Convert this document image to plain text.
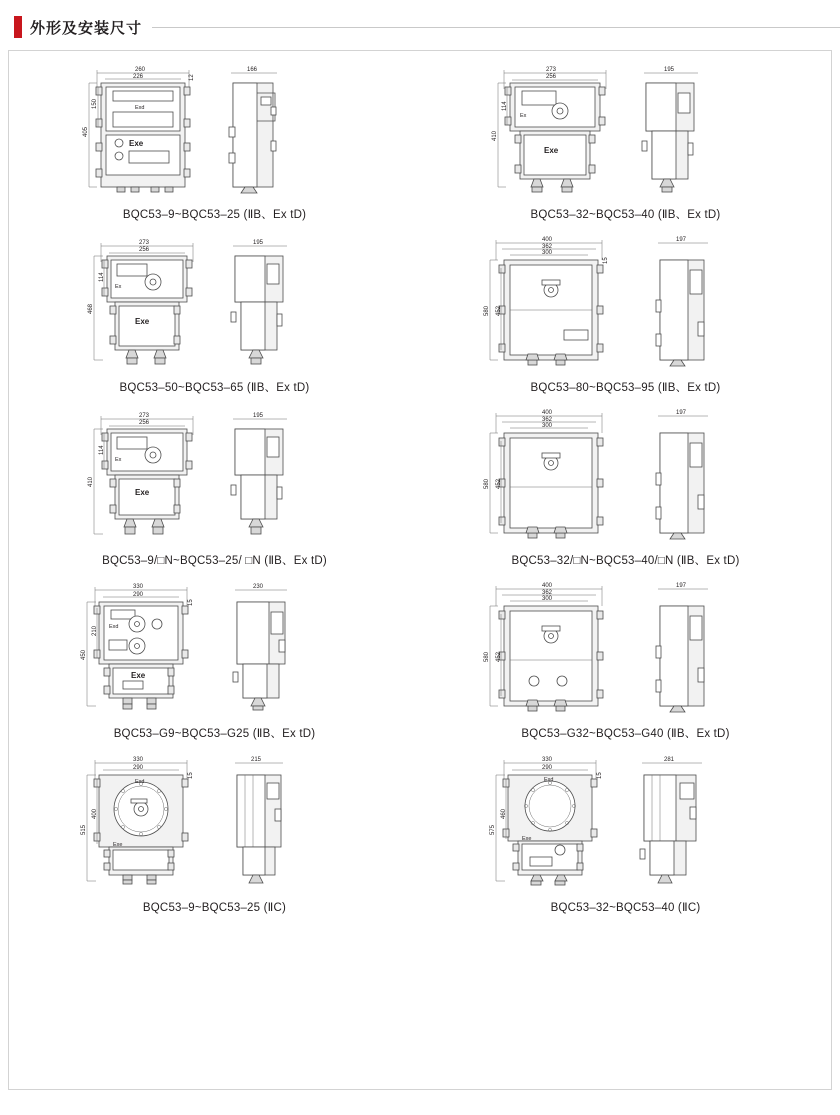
外形及安装尺寸
260
226	12
Exd
Exe
405
150
166
BQC53–9~BQC53–25 (ⅡB、Ex tD)
273
256
Ex
Exe
410
114
195
BQC53–32~BQC53–40 (ⅡB、Ex tD)
273
256
Ex
Exe
468
114
195
BQC53–50~BQC53–65 (ⅡB、Ex tD)
400
362
300
15
580 452
197
BQC53–80~BQC53–95 (ⅡB、Ex tD)
273
256
Ex
Exe
410
114
195
BQC53–9/□N~BQC53–25/ □N (ⅡB、Ex tD)
400
362
300
580 452
197
BQC53–32/□N~BQC53–40/□N (ⅡB、Ex tD)
330
290
15
Exd
Exe
450
210
230
BQC53–G9~BQC53–G25 (ⅡB、Ex tD)
400
362
300
580 452
197
BQC53–G32~BQC53–G40 (ⅡB、Ex tD)
330
290
15
Exd
Exe
515
400
215
BQC53–9~BQC53–25 (ⅡC)
330
290
15
Exd
Exe
575
460
281
BQC53–32~BQC53–40 (ⅡC)
